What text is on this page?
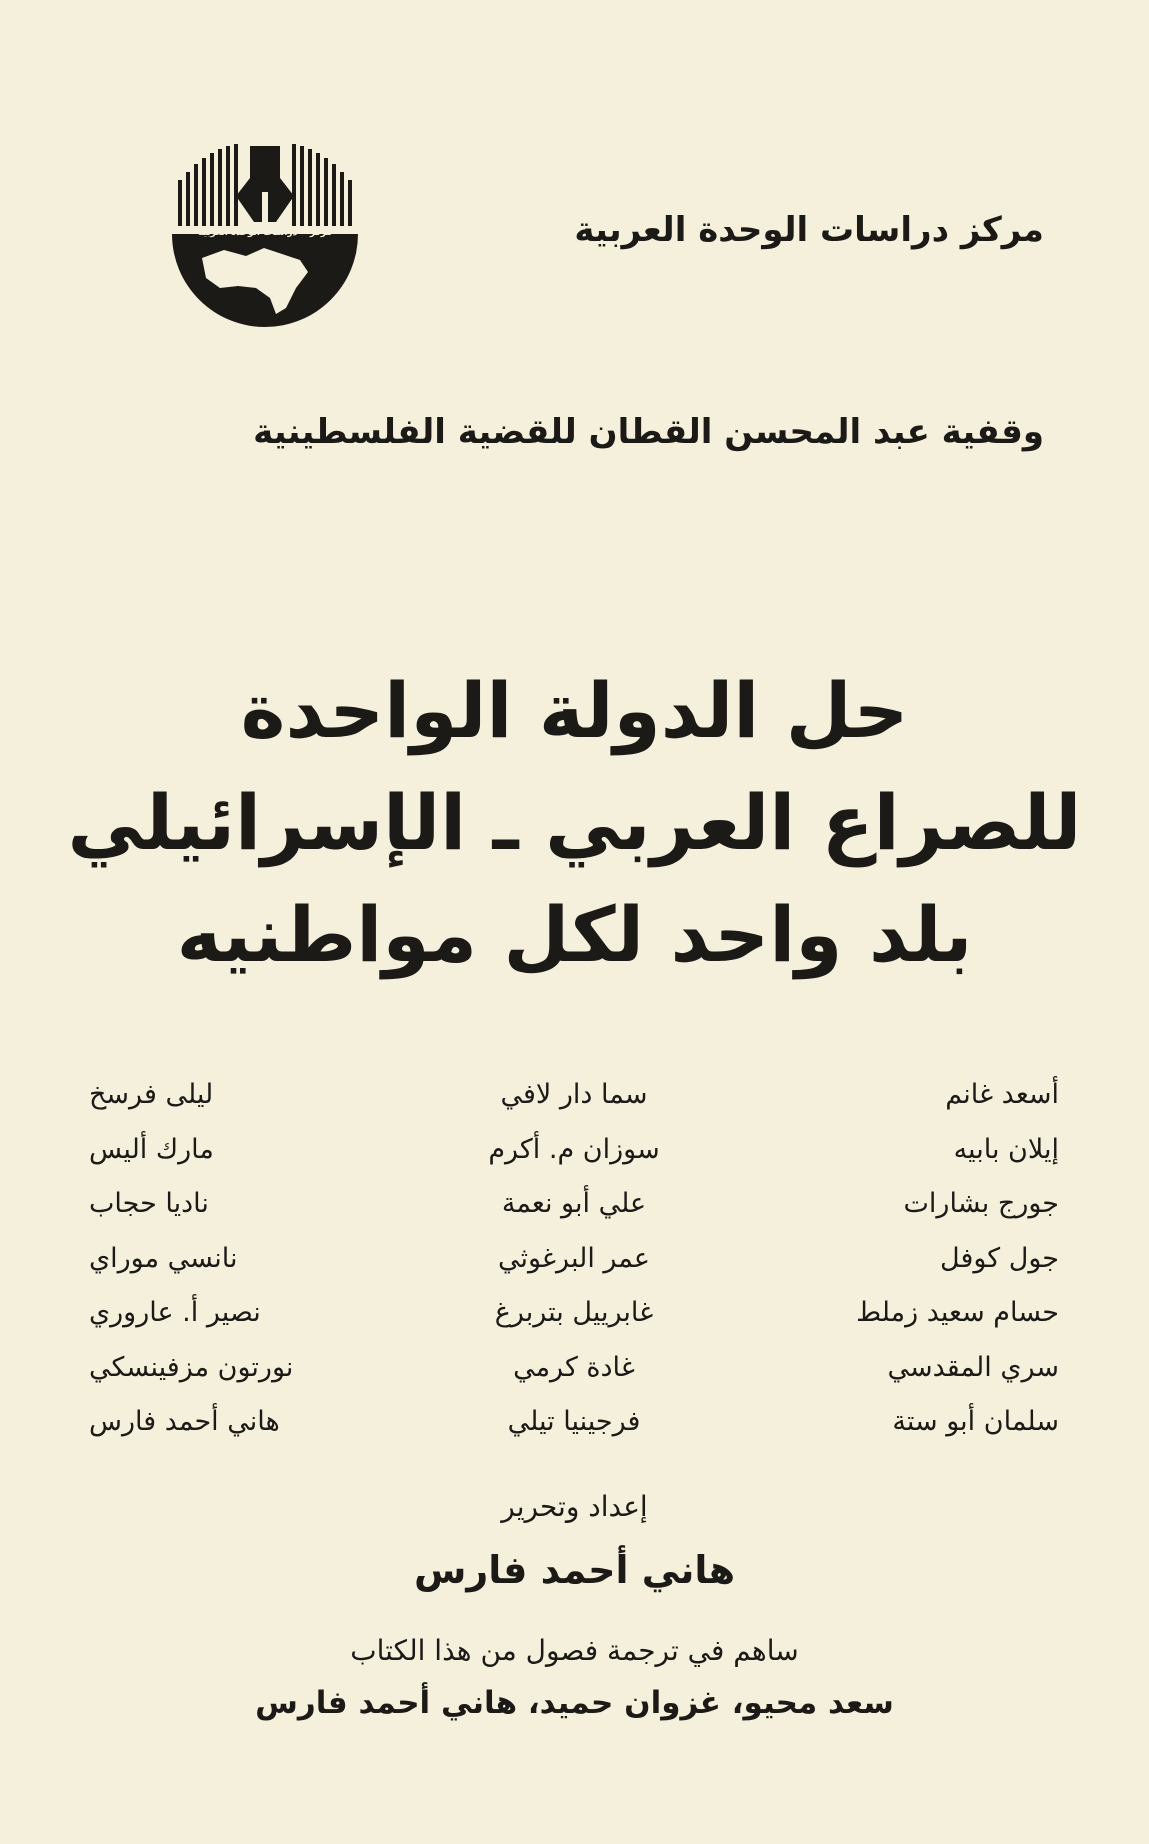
مركز    دراسات الوحدة العربية	مركز دراسات الوحدة العربية
وقفية عبد المحسن القطان للقضية الفلسطينية
حل الدولة الواحدة
للصراع العربي ـ الإسرائيلي
بلد واحد لكل مواطنيه
أسعد غانم
سما دار لافي
ليلى فرسخ
إيلان بابيه
سوزان م. أكرم
مارك أليس
جورج بشارات
علي أبو نعمة
ناديا حجاب
جول كوفل
عمر البرغوثي
نانسي موراي
حسام سعيد زملط
غابرييل بتربرغ
نصير أ. عاروري
سري المقدسي
غادة كرمي
نورتون مزفينسكي
سلمان أبو ستة
فرجينيا تيلي
هاني أحمد فارس
إعداد وتحرير
هاني أحمد فارس
ساهم في ترجمة فصول من هذا الكتاب
سعد محيو، غزوان حميد، هاني أحمد فارس
